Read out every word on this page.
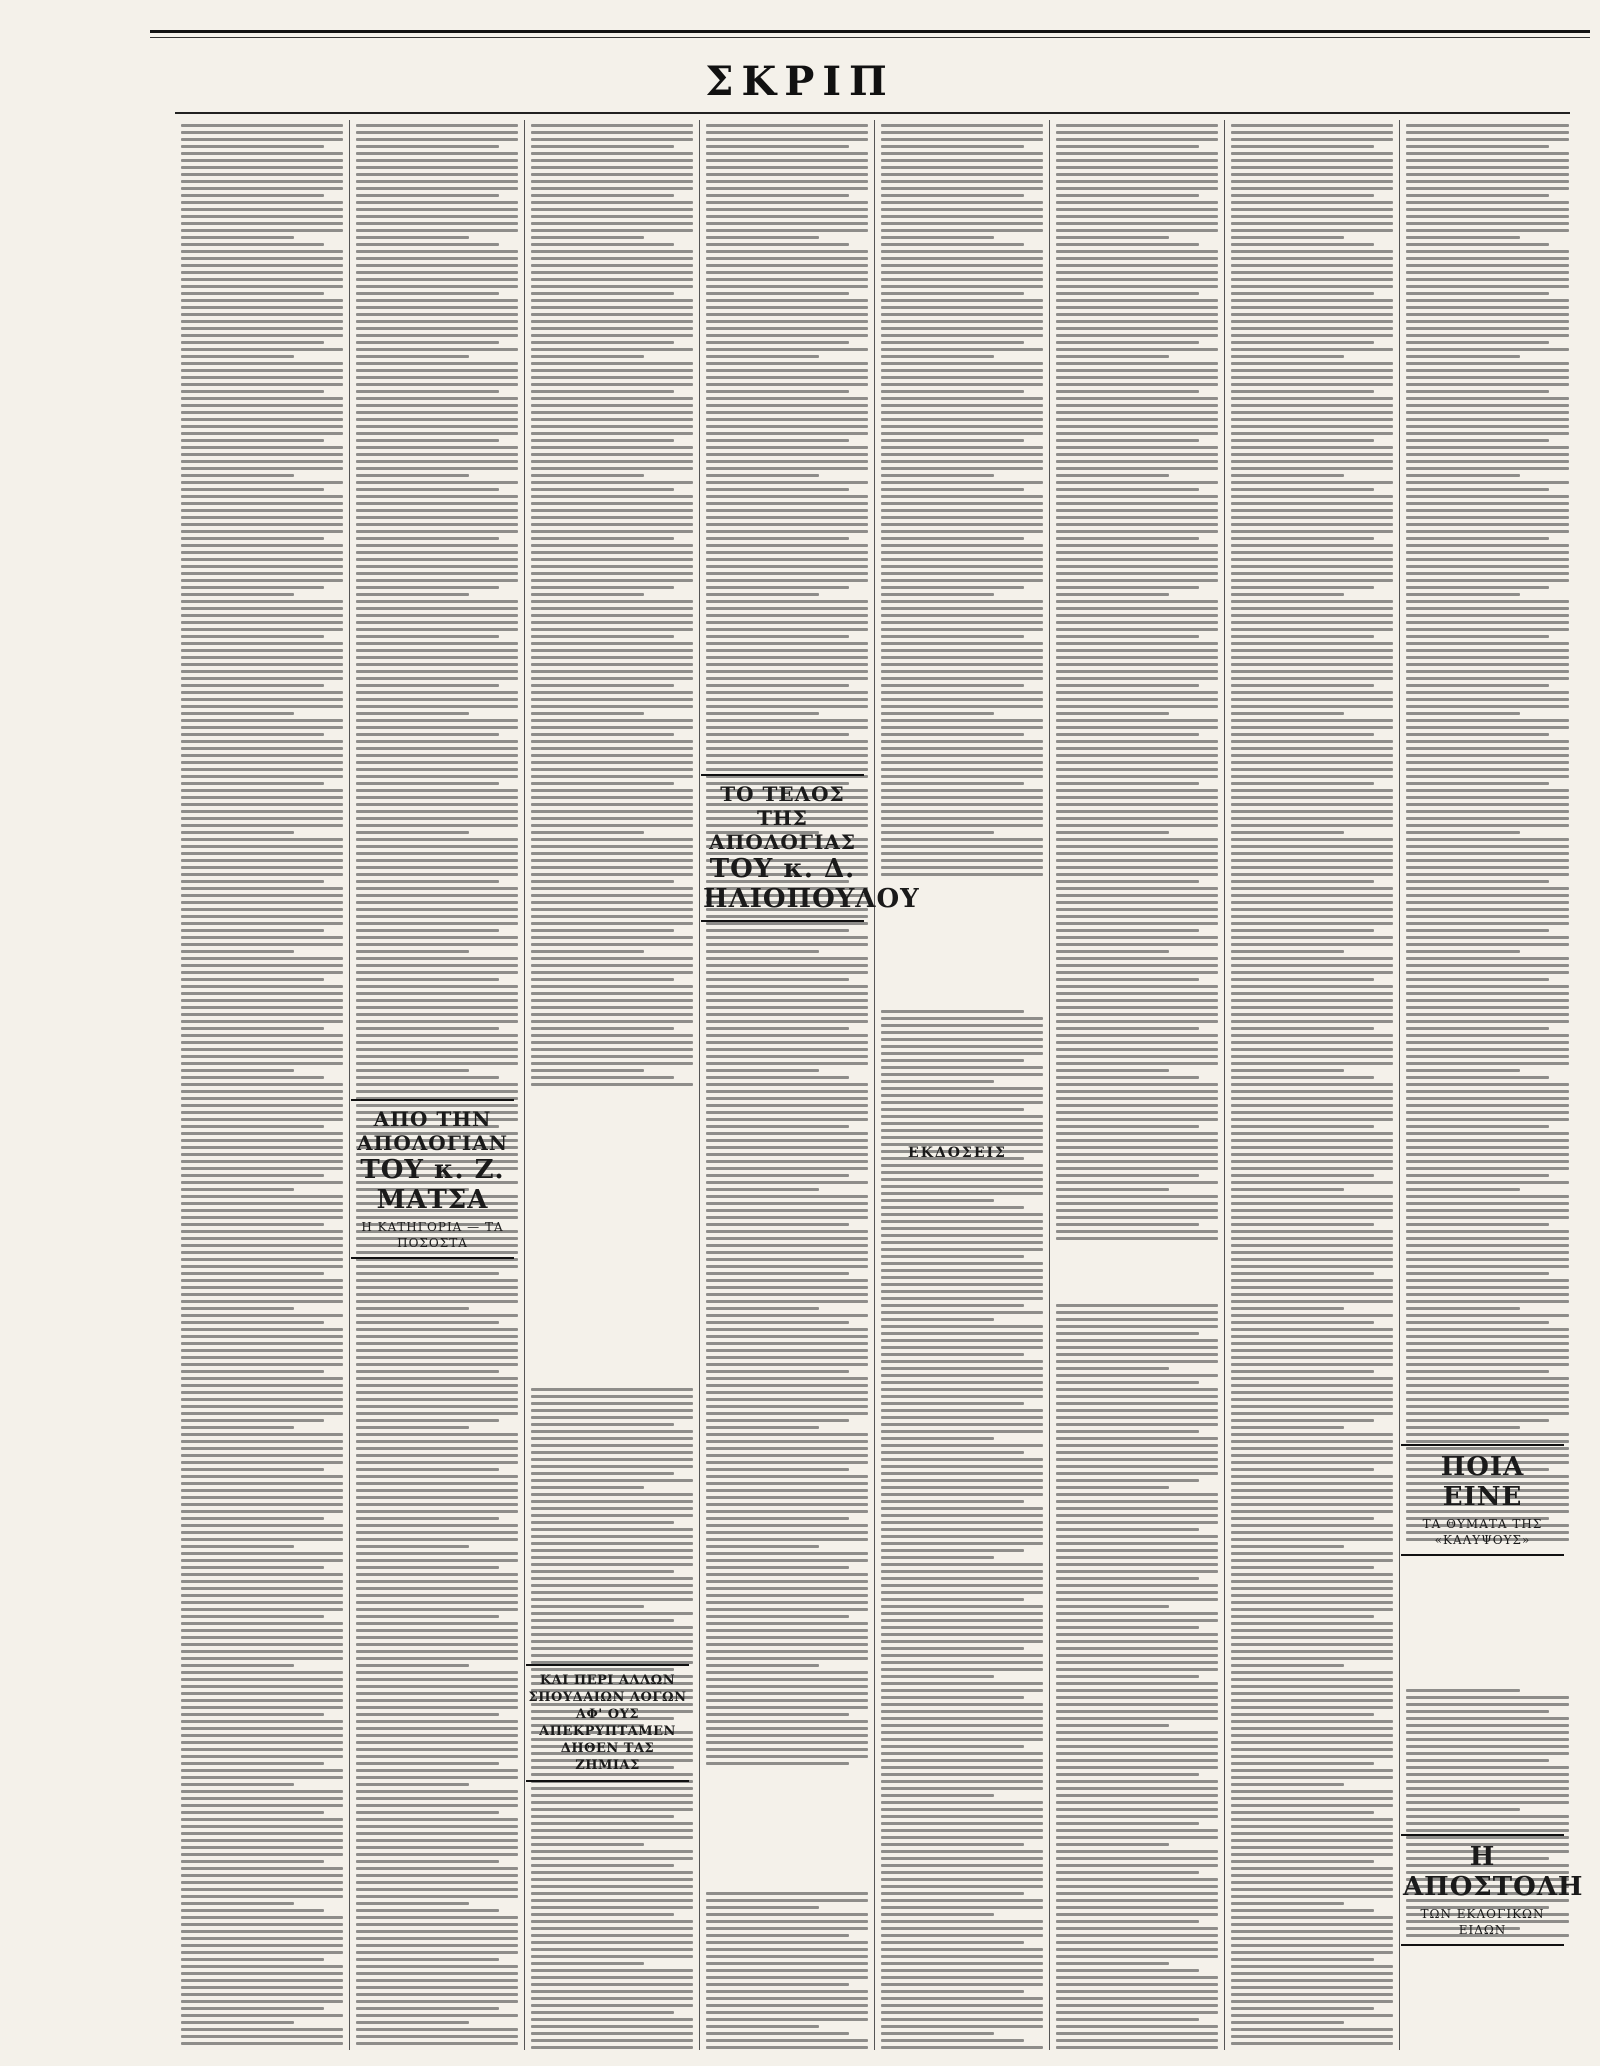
ΣΚΡΙΠ
ΑΠΟ ΤΗΝ ΑΠΟΛΟΓΙΑΝ
ΤΟΥ κ. Ζ. ΜΑΤΣΑ
Η ΚΑΤΗΓΟΡΙΑ — ΤΑ ΠΟΣΟΣΤΑ
ΚΑΙ ΠΕΡΙ ΑΛΛΩΝ ΣΠΟΥΔΑΙΩΝ ΛΟΓΩΝ ΑΦ' ΟΥΣ ΑΠΕΚΡΥΠΤΑΜΕΝ ΔΗΘΕΝ ΤΑΣ ΖΗΜΙΑΣ
ΤΟ ΤΕΛΟΣ ΤΗΣ ΑΠΟΛΟΓΙΑΣ
ΤΟΥ κ. Δ. ΗΛΙΟΠΟΥΛΟΥ
ΕΚΔΟΣΕΙΣ
ΠΟΙΑ ΕΙΝΕ
ΤΑ ΘΥΜΑΤΑ ΤΗΣ «ΚΑΛΥΨΟΥΣ»
Η ΑΠΟΣΤΟΛΗ
ΤΩΝ ΕΚΛΟΓΙΚΩΝ ΕΙΔΩΝ
